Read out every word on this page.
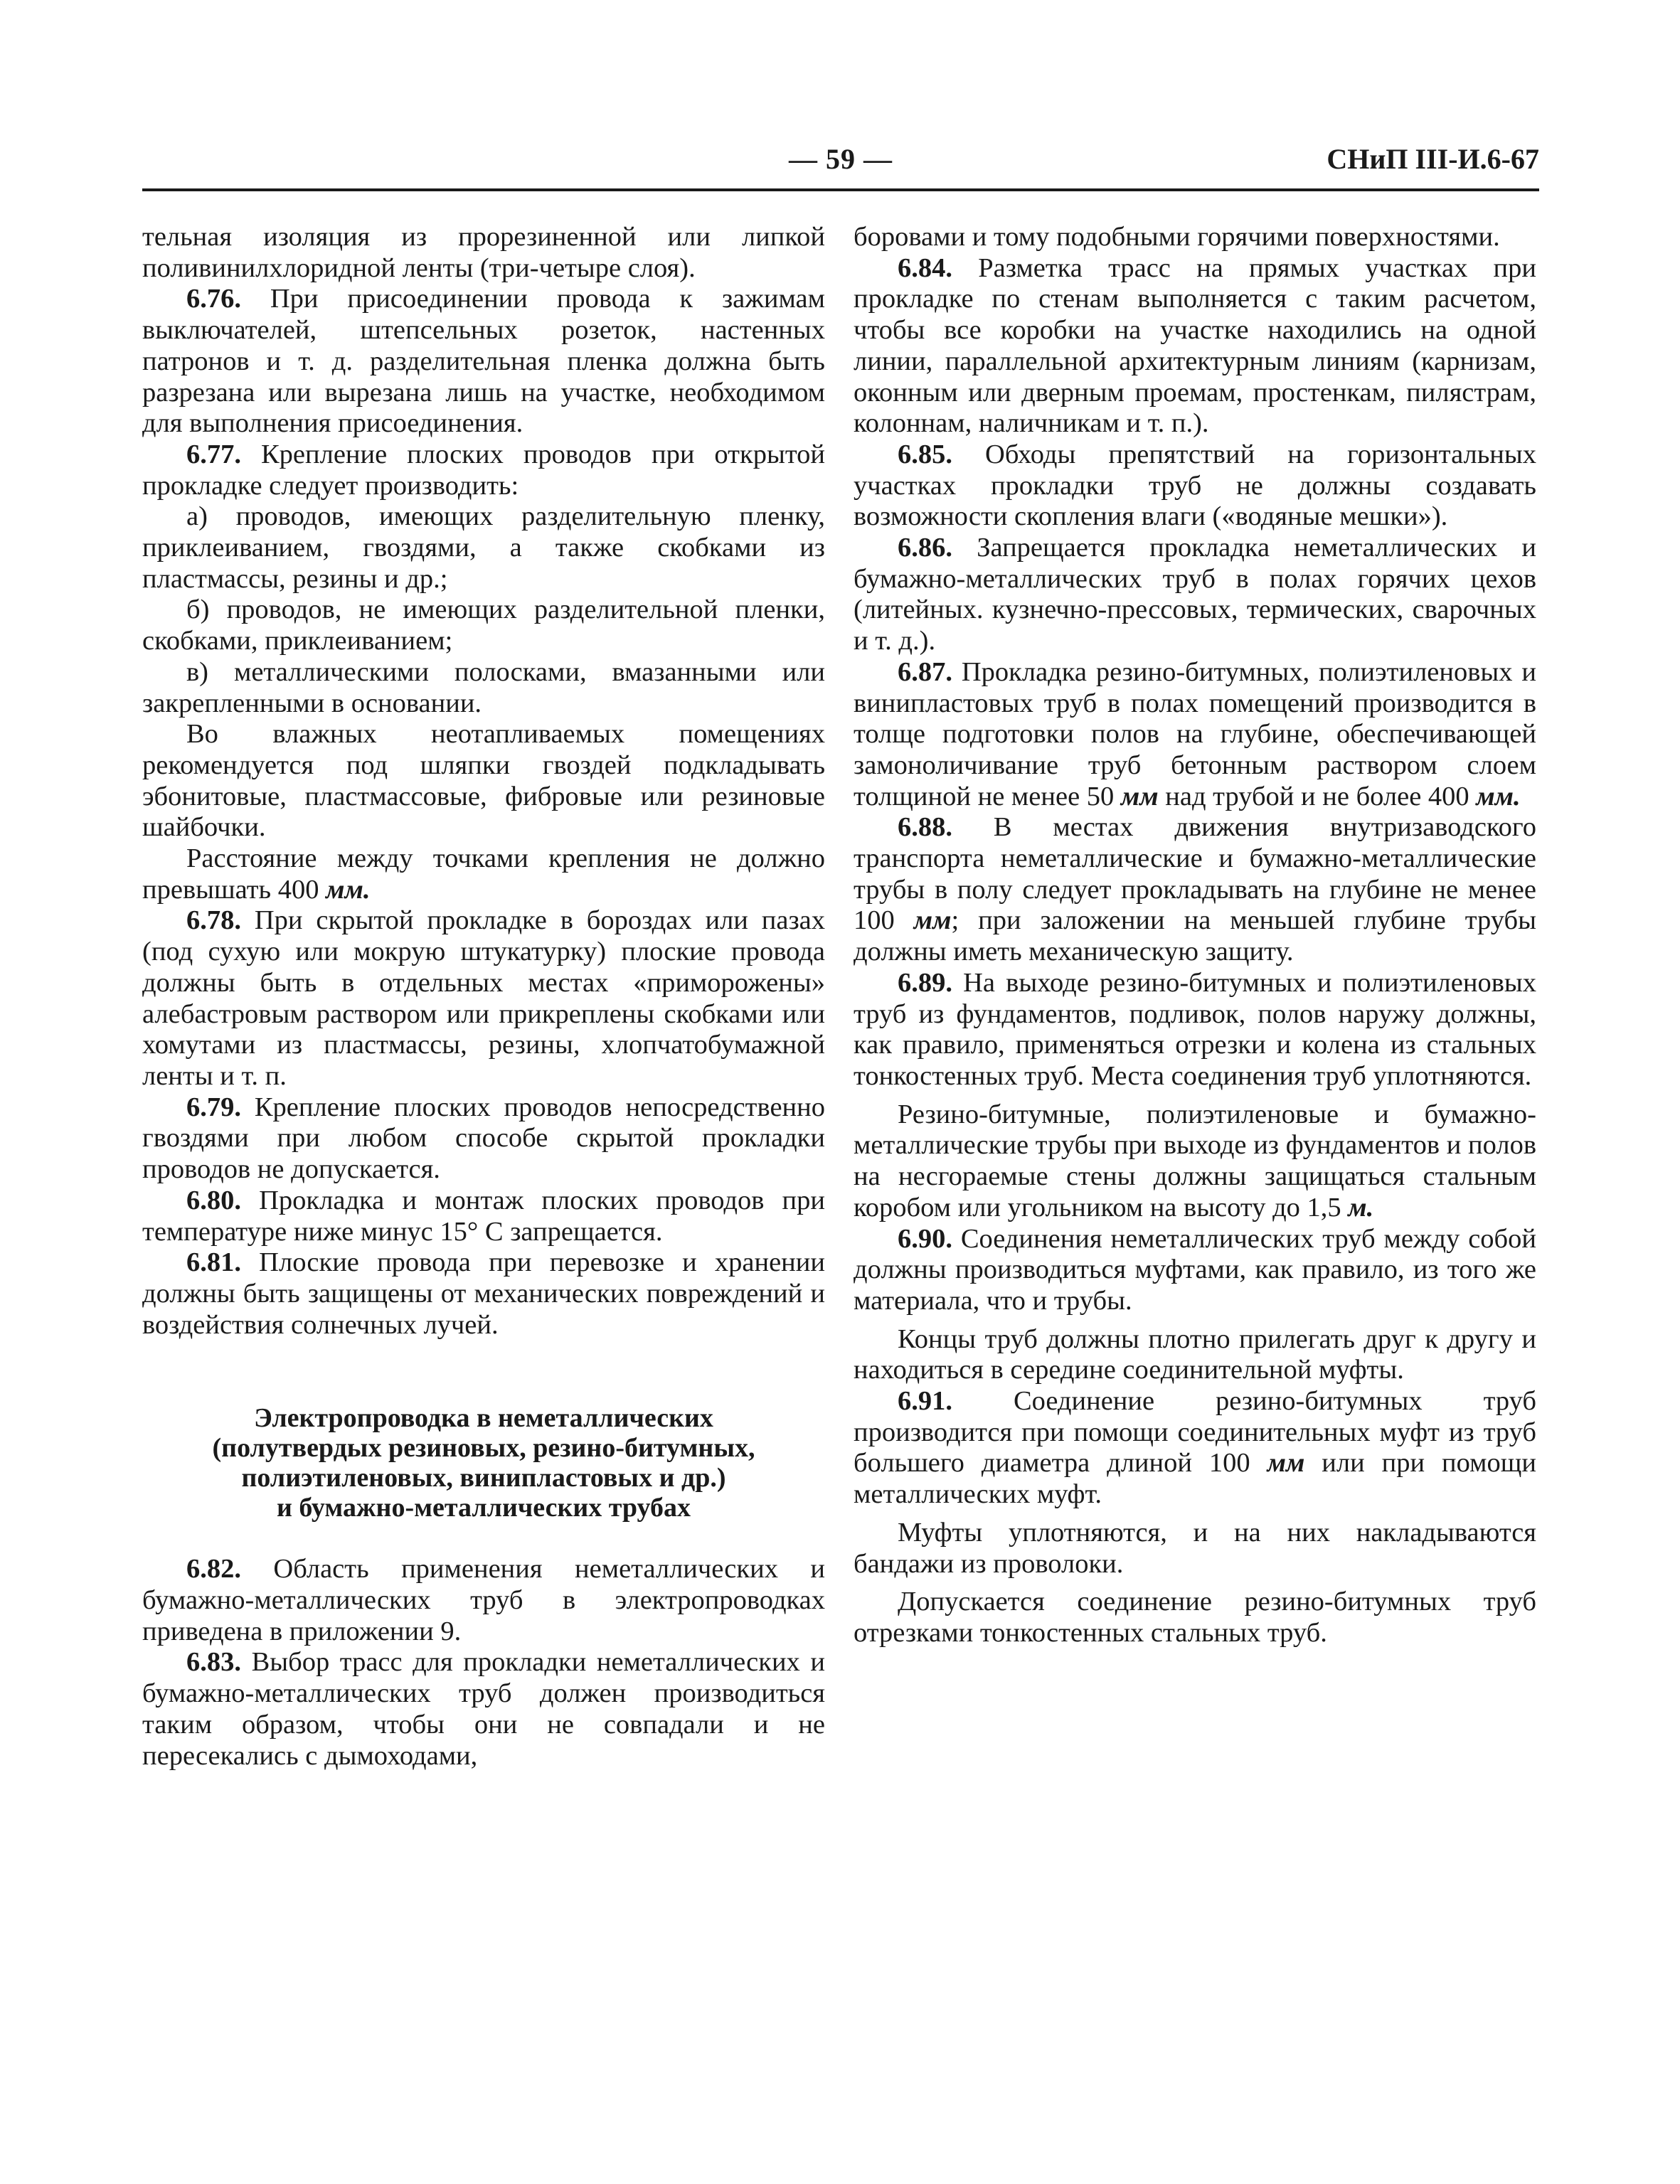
— 59 —	СНиП III-И.6-67

тельная изоляция из прорезиненной или липкой поливинилхлоридной ленты (три-четыре слоя).

6.76. При присоединении провода к зажимам выключателей, штепсельных розеток, настенных патронов и т. д. разделительная пленка должна быть разрезана или вырезана лишь на участке, необходимом для выполнения присоединения.

6.77. Крепление плоских проводов при открытой прокладке следует производить:

а) проводов, имеющих разделительную пленку, приклеиванием, гвоздями, а также скобками из пластмассы, резины и др.;

б) проводов, не имеющих разделительной пленки, скобками, приклеиванием;

в) металлическими полосками, вмазанными или закрепленными в основании.

Во влажных неотапливаемых помещениях рекомендуется под шляпки гвоздей подкладывать эбонитовые, пластмассовые, фибровые или резиновые шайбочки.

Расстояние между точками крепления не должно превышать 400 мм.

6.78. При скрытой прокладке в бороздах или пазах (под сухую или мокрую штукатурку) плоские провода должны быть в отдельных местах «приморожены» алебастровым раствором или прикреплены скобками или хомутами из пластмассы, резины, хлопчатобумажной ленты и т. п.

6.79. Крепление плоских проводов непосредственно гвоздями при любом способе скрытой прокладки проводов не допускается.

6.80. Прокладка и монтаж плоских проводов при температуре ниже минус 15° С запрещается.

6.81. Плоские провода при перевозке и хранении должны быть защищены от механических повреждений и воздействия солнечных лучей.

Электропроводка в неметаллических
(полутвердых резиновых, резино-битумных,
полиэтиленовых, винипластовых и др.)
и бумажно-металлических трубах

6.82. Область применения неметаллических и бумажно-металлических труб в электропроводках приведена в приложении 9.

6.83. Выбор трасс для прокладки немeталлических и бумажно-металлических труб должен производиться таким образом, чтобы они не совпадали и не пересекались с дымоходами,

боровами и тому подобными горячими поверхностями.

6.84. Разметка трасс на прямых участках при прокладке по стенам выполняется с таким расчетом, чтобы все коробки на участке находились на одной линии, параллельной архитектурным линиям (карнизам, оконным или дверным проемам, простенкам, пилястрам, колоннам, наличникам и т. п.).

6.85. Обходы препятствий на горизонтальных участках прокладки труб не должны создавать возможности скопления влаги («водяные мешки»).

6.86. Запрещается прокладка неметаллических и бумажно-металлических труб в полах горячих цехов (литейных. кузнечно-прессовых, термических, сварочных и т. д.).

6.87. Прокладка резино-битумных, полиэтиленовых и винипластовых труб в полах помещений производится в толще подготовки полов на глубине, обеспечивающей замоноличивание труб бетонным раствором слоем толщиной не менее 50 мм над трубой и не более 400 мм.

6.88. В местах движения внутризаводского транспорта неметаллические и бумажно-металлические трубы в полу следует прокладывать на глубине не менее 100 мм; при заложении на меньшей глубине трубы должны иметь механическую защиту.

6.89. На выходе резино-битумных и полиэтиленовых труб из фундаментов, подливок, полов наружу должны, как правило, применяться отрезки и колена из стальных тонкостенных труб. Места соединения труб уплотняются.

Резино-битумные, полиэтиленовые и бумажно-металлические трубы при выходе из фундаментов и полов на несгораемые стены должны защищаться стальным коробом или угольником на высоту до 1,5 м.

6.90. Соединения неметаллических труб между собой должны производиться муфтами, как правило, из того же материала, что и трубы.

Концы труб должны плотно прилегать друг к другу и находиться в середине соединительной муфты.

6.91. Соединение резино-битумных труб производится при помощи соединительных муфт из труб большего диаметра длиной 100 мм или при помощи металлических муфт.

Муфты уплотняются, и на них накладываются бандажи из проволоки.

Допускается соединение резино-битумных труб отрезками тонкостенных стальных труб.
